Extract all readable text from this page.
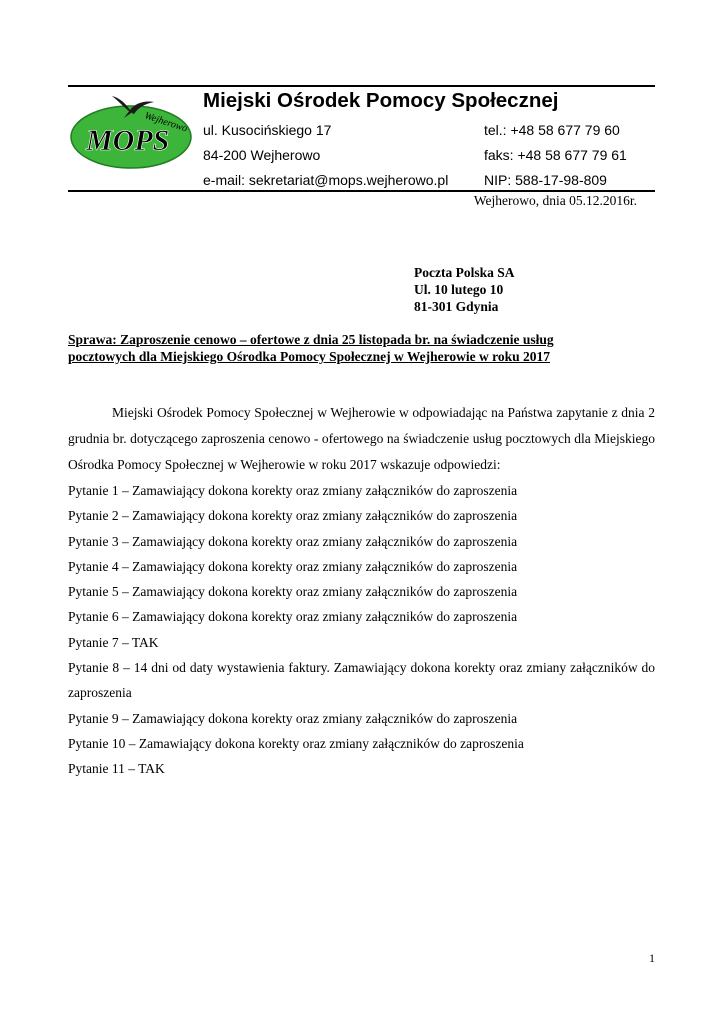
Wejherowo
MOPS
Miejski Ośrodek Pomocy Społecznej
ul. Kusocińskiego 17
84-200 Wejherowo
e-mail: sekretariat@mops.wejherowo.pl
tel.: +48 58 677 79 60
faks: +48 58 677 79 61
NIP: 588-17-98-809
Wejherowo, dnia 05.12.2016r.
Poczta Polska SA
Ul. 10 lutego 10
81-301 Gdynia
Sprawa: Zaproszenie cenowo – ofertowe z dnia 25 listopada br. na świadczenie usług
pocztowych dla Miejskiego Ośrodka Pomocy Społecznej w Wejherowie w roku 2017
Miejski Ośrodek Pomocy Społecznej w Wejherowie w odpowiadając na Państwa zapytanie z dnia 2 grudnia br. dotyczącego zaproszenia cenowo - ofertowego na świadczenie usług pocztowych dla Miejskiego Ośrodka Pomocy Społecznej w Wejherowie w roku 2017 wskazuje odpowiedzi:
Pytanie 1 – Zamawiający dokona korekty oraz zmiany załączników do zaproszenia
Pytanie 2 – Zamawiający dokona korekty oraz zmiany załączników do zaproszenia
Pytanie 3 – Zamawiający dokona korekty oraz zmiany załączników do zaproszenia
Pytanie 4 – Zamawiający dokona korekty oraz zmiany załączników do zaproszenia
Pytanie 5 – Zamawiający dokona korekty oraz zmiany załączników do zaproszenia
Pytanie 6 – Zamawiający dokona korekty oraz zmiany załączników do zaproszenia
Pytanie 7 – TAK
Pytanie 8 – 14 dni od daty wystawienia faktury. Zamawiający dokona korekty oraz zmiany załączników do zaproszenia
Pytanie 9 – Zamawiający dokona korekty oraz zmiany załączników do zaproszenia
Pytanie 10 – Zamawiający dokona korekty oraz zmiany załączników do zaproszenia
Pytanie 11 – TAK
1
